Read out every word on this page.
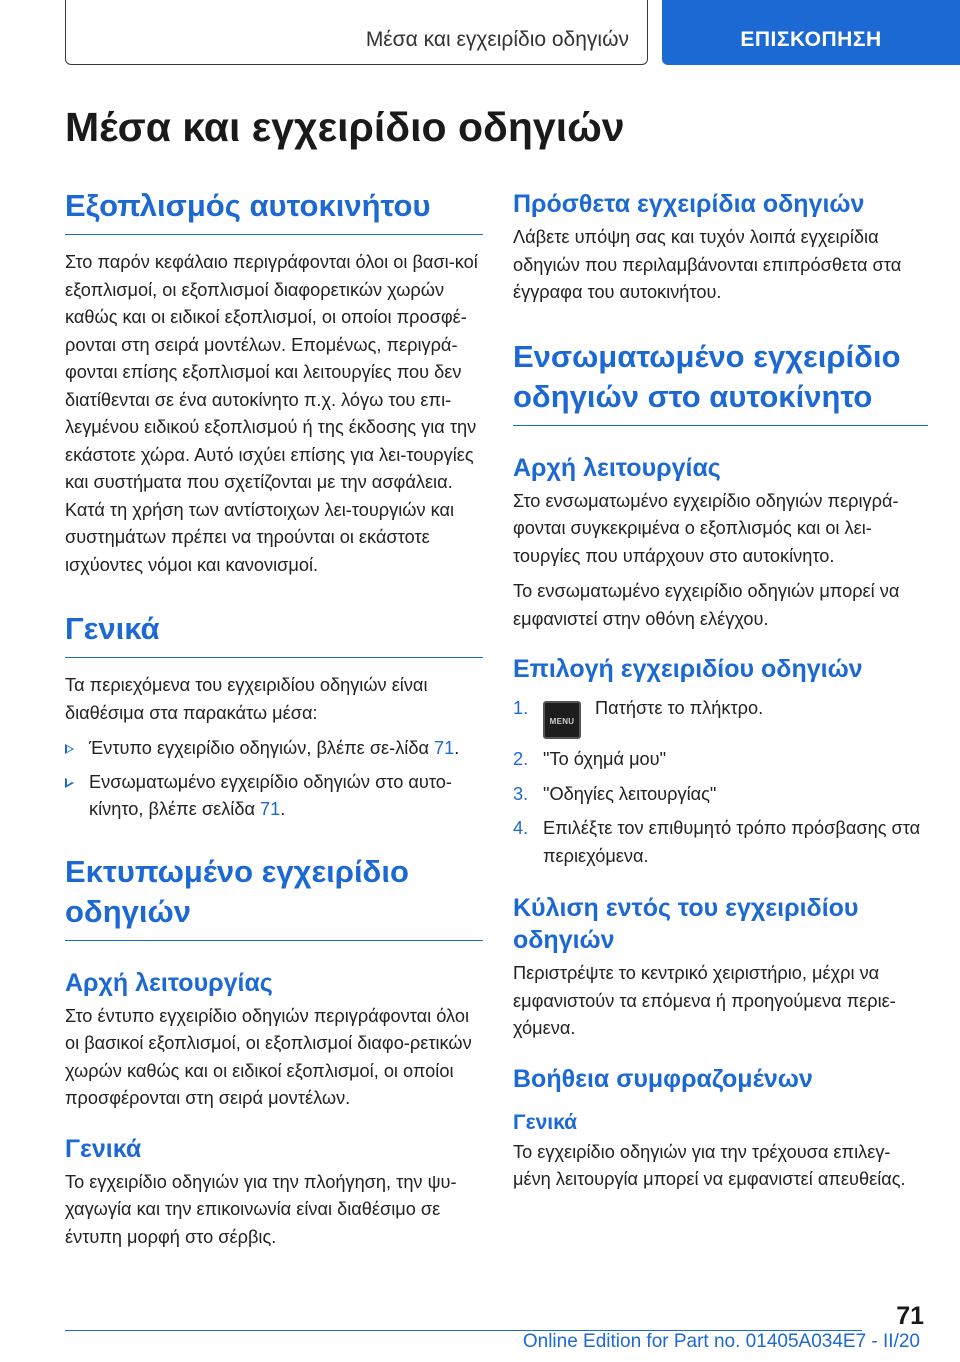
Μέσα και εγχειρίδιο οδηγιών	ΕΠΙΣΚΟΠΗΣΗ
Μέσα και εγχειρίδιο οδηγιών
Εξοπλισμός αυτοκινήτου

Στο παρόν κεφάλαιο περιγράφονται όλοι οι βασι-κοί εξοπλισμοί, οι εξοπλισμοί διαφορετικών χωρών καθώς και οι ειδικοί εξοπλισμοί, οι οποίοι προσφέ-ρονται στη σειρά μοντέλων. Επομένως, περιγρά-φονται επίσης εξοπλισμοί και λειτουργίες που δεν διατίθενται σε ένα αυτοκίνητο π.χ. λόγω του επι-λεγμένου ειδικού εξοπλισμού ή της έκδοσης για την εκάστοτε χώρα. Αυτό ισχύει επίσης για λει-τουργίες και συστήματα που σχετίζονται με την ασφάλεια. Κατά τη χρήση των αντίστοιχων λει-τουργιών και συστημάτων πρέπει να τηρούνται οι εκάστοτε ισχύοντες νόμοι και κανονισμοί.

Γενικά

Τα περιεχόμενα του εγχειριδίου οδηγιών είναι διαθέσιμα στα παρακάτω μέσα:

Έντυπο εγχειρίδιο οδηγιών, βλέπε σε-λίδα 71.
Ενσωματωμένο εγχειρίδιο οδηγιών στο αυτο-κίνητο, βλέπε σελίδα 71.
Εκτυπωμένο εγχειρίδιο οδηγιών
Αρχή λειτουργίας

Στο έντυπο εγχειρίδιο οδηγιών περιγράφονται όλοι οι βασικοί εξοπλισμοί, οι εξοπλισμοί διαφο-ρετικών χωρών καθώς και οι ειδικοί εξοπλισμοί, οι οποίοι προσφέρονται στη σειρά μοντέλων.

Γενικά

Το εγχειρίδιο οδηγιών για την πλοήγηση, την ψυ-χαγωγία και την επικοινωνία είναι διαθέσιμο σε έντυπη μορφή στο σέρβις.

Πρόσθετα εγχειρίδια οδηγιών

Λάβετε υπόψη σας και τυχόν λοιπά εγχειρίδια οδηγιών που περιλαμβάνονται επιπρόσθετα στα έγγραφα του αυτοκινήτου.

Ενσωματωμένο εγχειρίδιο οδηγιών στο αυτοκίνητο
Αρχή λειτουργίας

Στο ενσωματωμένο εγχειρίδιο οδηγιών περιγρά-φονται συγκεκριμένα ο εξοπλισμός και οι λει-τουργίες που υπάρχουν στο αυτοκίνητο.

Το ενσωματωμένο εγχειρίδιο οδηγιών μπορεί να εμφανιστεί στην οθόνη ελέγχου.

Επιλογή εγχειριδίου οδηγιών
1.
MENUΠατήστε το πλήκτρο.
2. "Το όχημά μου"
3. "Οδηγίες λειτουργίας"
4. Επιλέξτε τον επιθυμητό τρόπο πρόσβασης στα περιεχόμενα.
Κύλιση εντός του εγχειριδίου οδηγιών

Περιστρέψτε το κεντρικό χειριστήριο, μέχρι να εμφανιστούν τα επόμενα ή προηγούμενα περιε-χόμενα.

Βοήθεια συμφραζομένων
Γενικά

Το εγχειρίδιο οδηγιών για την τρέχουσα επιλεγ-μένη λειτουργία μπορεί να εμφανιστεί απευθείας.

71
Online Edition for Part no. 01405A034E7 - II/20
